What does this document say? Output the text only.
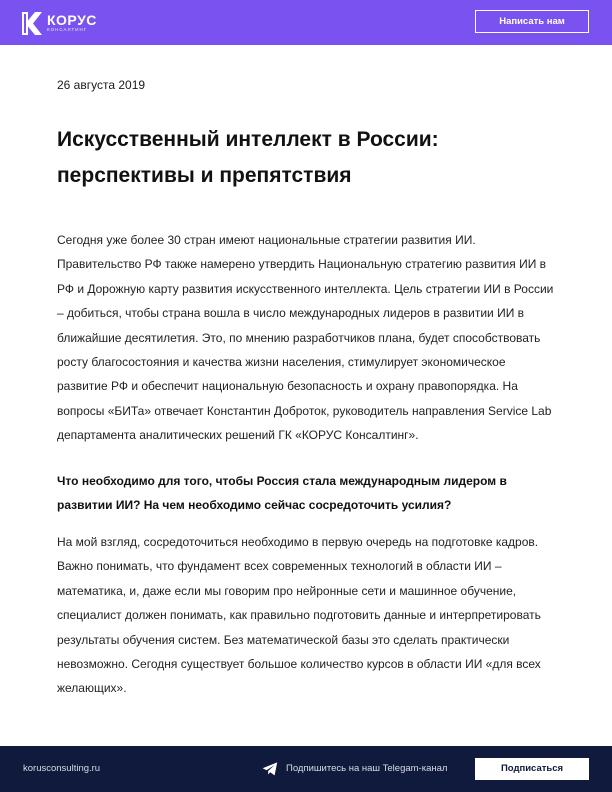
КОРУС
КОНСАЛТИНГ
Написать нам
26 августа 2019
Искусственный интеллект в России: перспективы и препятствия

Сегодня уже более 30 стран имеют национальные стратегии развития ИИ. Правительство РФ также намерено утвердить Национальную стратегию развития ИИ в РФ и Дорожную карту развития искусственного интеллекта. Цель стратегии ИИ в России – добиться, чтобы страна вошла в число международных лидеров в развитии ИИ в ближайшие десятилетия. Это, по мнению разработчиков плана, будет способствовать росту благосостояния и качества жизни населения, стимулирует экономическое развитие РФ и обеспечит национальную безопасность и охрану правопорядка. На вопросы «БИТа» отвечает Константин Доброток, руководитель направления Service Lab департамента аналитических решений ГК «КОРУС Консалтинг».

Что необходимо для того, чтобы Россия стала международным лидером в развитии ИИ? На чем необходимо сейчас сосредоточить усилия?

На мой взгляд, сосредоточиться необходимо в первую очередь на подготовке кадров. Важно понимать, что фундамент всех современных технологий в области ИИ – математика, и, даже если мы говорим про нейронные сети и машинное обучение, специалист должен понимать, как правильно подготовить данные и интерпретировать результаты обучения систем. Без математической базы это сделать практически невозможно. Сегодня существует большое количество курсов в области ИИ «для всех желающих».

korusconsulting.ru	Подпишитесь на наш Telegam-канал	Подписаться
